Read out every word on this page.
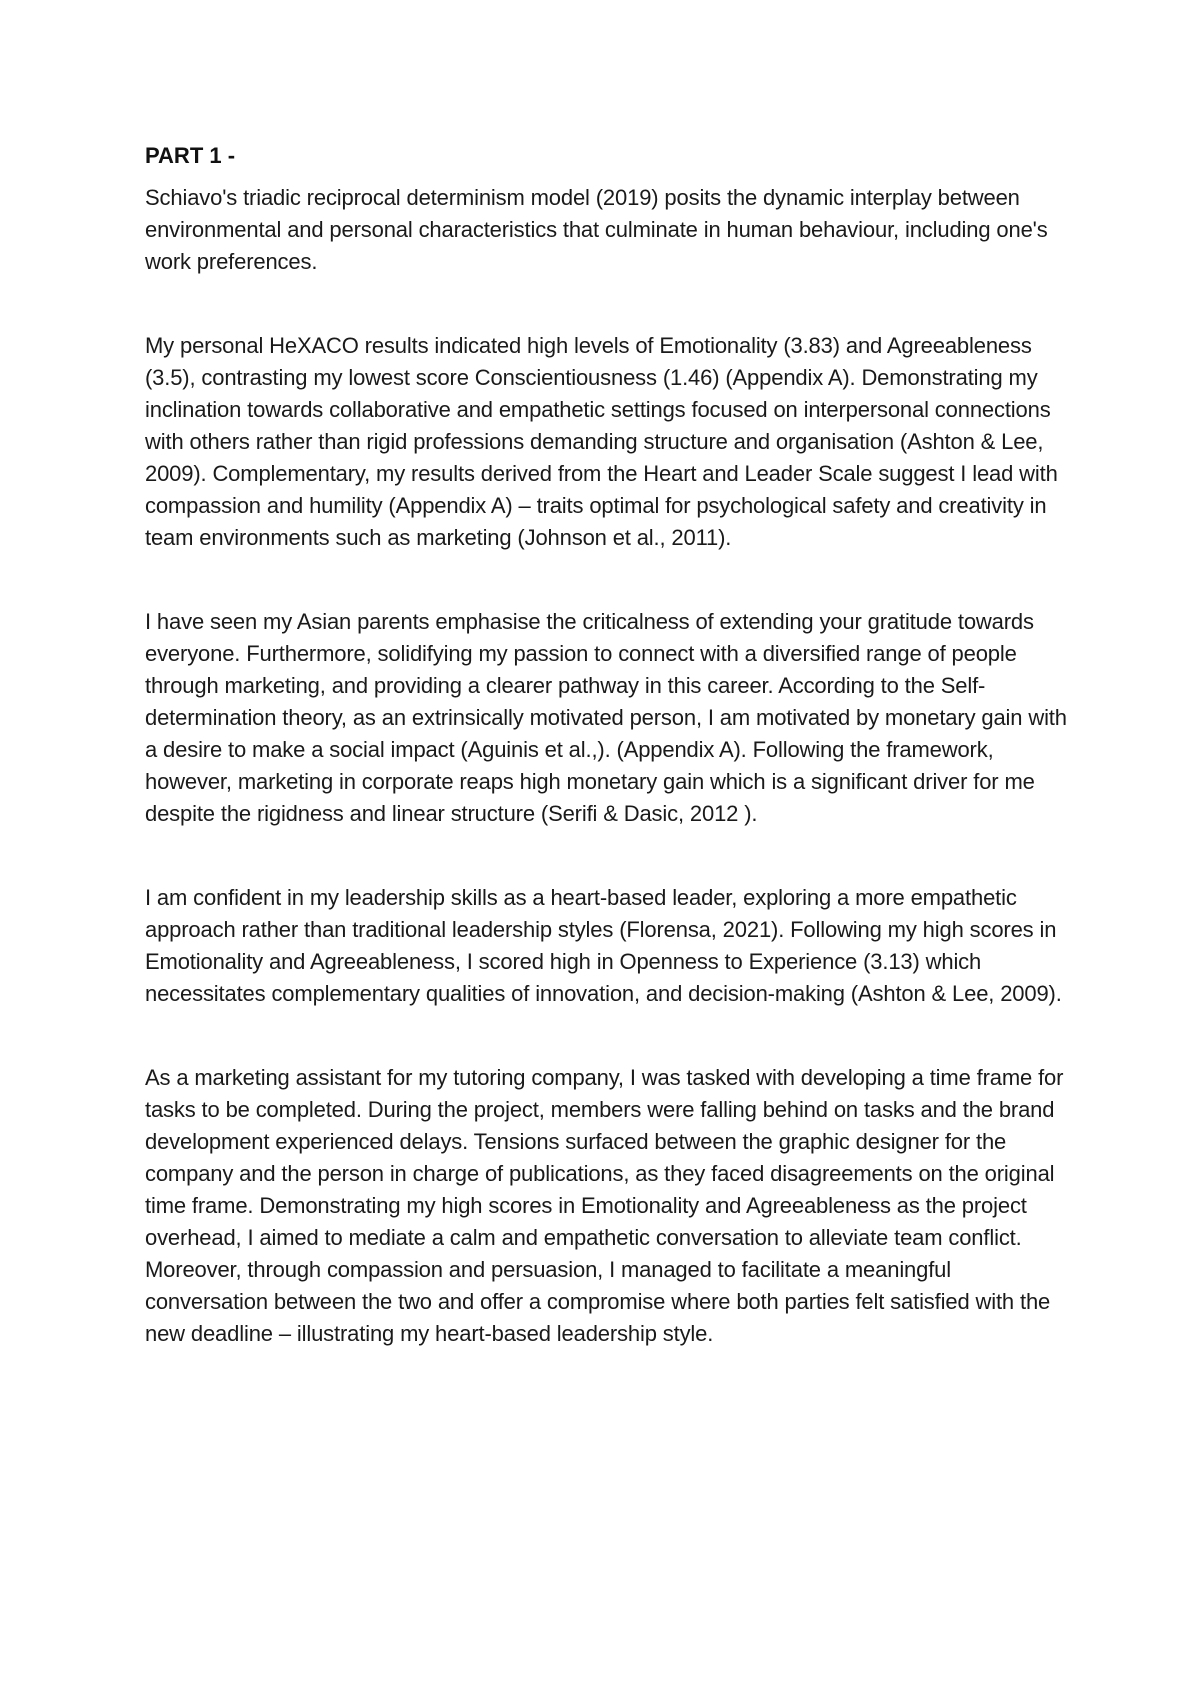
PART 1 -

Schiavo's triadic reciprocal determinism model (2019) posits the dynamic interplay between environmental and personal characteristics that culminate in human behaviour, including one's work preferences.

My personal HeXACO results indicated high levels of Emotionality (3.83) and Agreeableness (3.5), contrasting my lowest score Conscientiousness (1.46) (Appendix A). Demonstrating my inclination towards collaborative and empathetic settings focused on interpersonal connections with others rather than rigid professions demanding structure and organisation (Ashton & Lee, 2009). Complementary, my results derived from the Heart and Leader Scale suggest I lead with compassion and humility (Appendix A) – traits optimal for psychological safety and creativity in team environments such as marketing (Johnson et al., 2011).

I have seen my Asian parents emphasise the criticalness of extending your gratitude towards everyone. Furthermore, solidifying my passion to connect with a diversified range of people through marketing, and providing a clearer pathway in this career. According to the Self-determination theory, as an extrinsically motivated person, I am motivated by monetary gain with a desire to make a social impact (Aguinis et al.,). (Appendix A). Following the framework, however, marketing in corporate reaps high monetary gain which is a significant driver for me despite the rigidness and linear structure (Serifi & Dasic, 2012 ).

I am confident in my leadership skills as a heart-based leader, exploring a more empathetic approach rather than traditional leadership styles (Florensa, 2021). Following my high scores in Emotionality and Agreeableness, I scored high in Openness to Experience (3.13) which necessitates complementary qualities of innovation, and decision-making (Ashton & Lee, 2009).

As a marketing assistant for my tutoring company, I was tasked with developing a time frame for tasks to be completed. During the project, members were falling behind on tasks and the brand development experienced delays. Tensions surfaced between the graphic designer for the company and the person in charge of publications, as they faced disagreements on the original time frame. Demonstrating my high scores in Emotionality and Agreeableness as the project overhead, I aimed to mediate a calm and empathetic conversation to alleviate team conflict. Moreover, through compassion and persuasion, I managed to facilitate a meaningful conversation between the two and offer a compromise where both parties felt satisfied with the new deadline – illustrating my heart-based leadership style.
